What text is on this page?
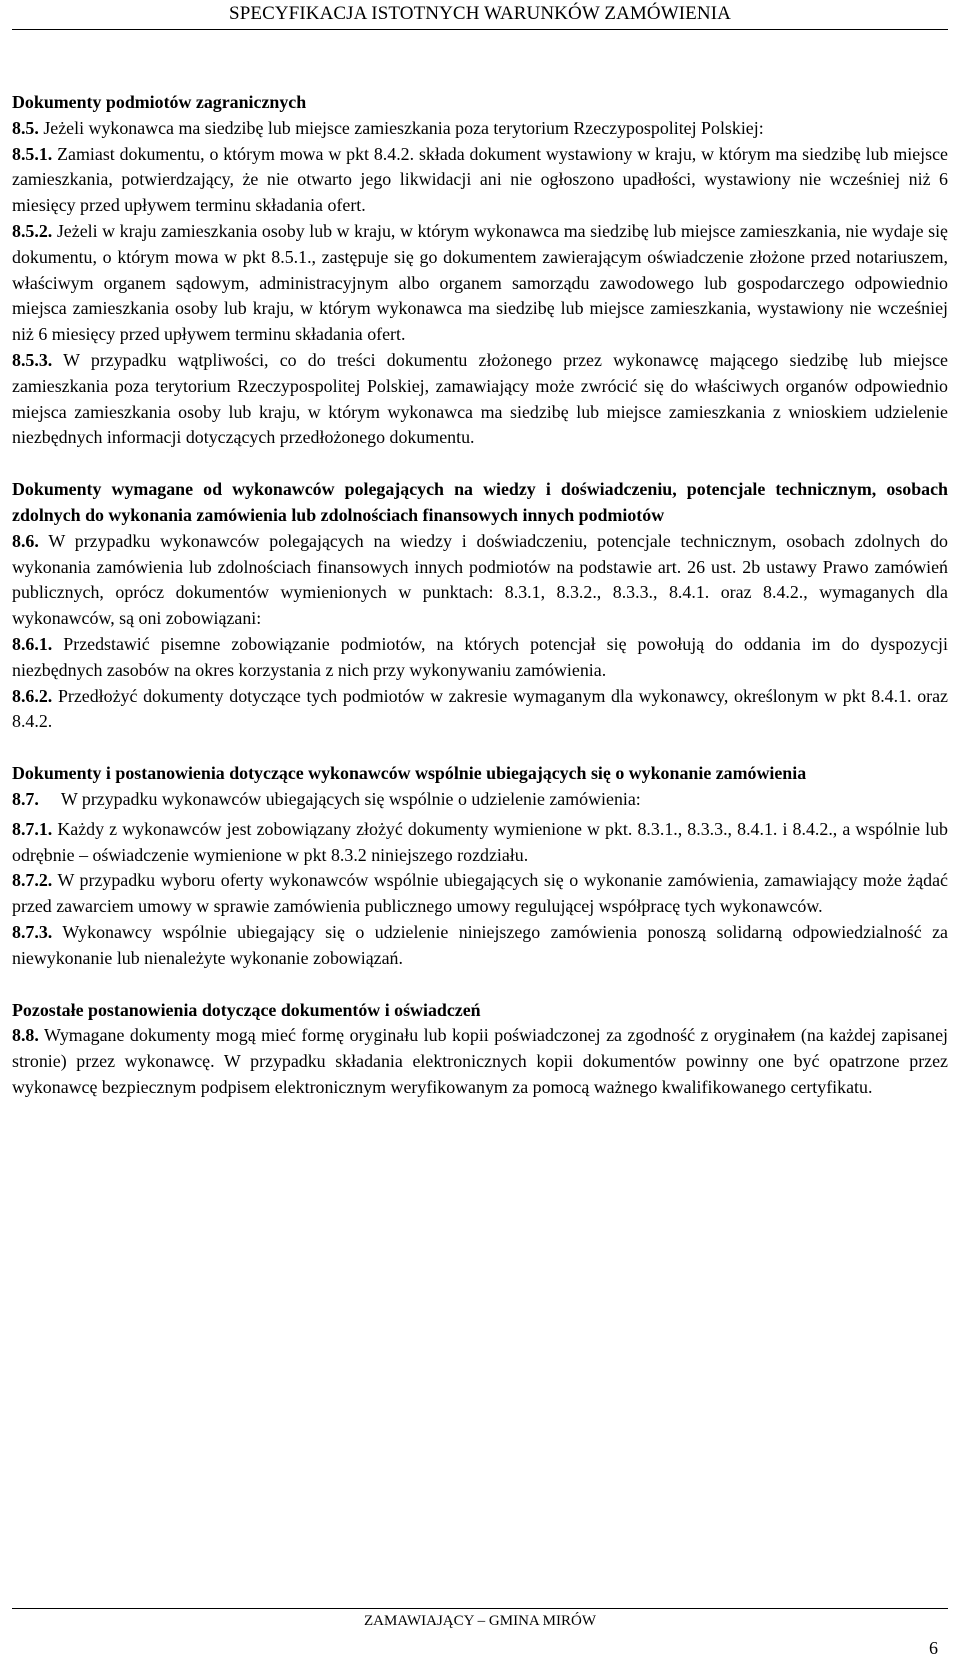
SPECYFIKACJA ISTOTNYCH WARUNKÓW ZAMÓWIENIA

Dokumenty podmiotów zagranicznych

8.5. Jeżeli wykonawca ma siedzibę lub miejsce zamieszkania poza terytorium Rzeczypospolitej Polskiej:

8.5.1. Zamiast dokumentu, o którym mowa w pkt 8.4.2. składa dokument wystawiony w kraju, w którym ma siedzibę lub miejsce zamieszkania, potwierdzający, że nie otwarto jego likwidacji ani nie ogłoszono upadłości, wystawiony nie wcześniej niż 6 miesięcy przed upływem terminu składania ofert.

8.5.2. Jeżeli w kraju zamieszkania osoby lub w kraju, w którym wykonawca ma siedzibę lub miejsce zamieszkania, nie wydaje się dokumentu, o którym mowa w pkt 8.5.1., zastępuje się go dokumentem zawierającym oświadczenie złożone przed notariuszem, właściwym organem sądowym, administracyjnym albo organem samorządu zawodowego lub gospodarczego odpowiednio miejsca zamieszkania osoby lub kraju, w którym wykonawca ma siedzibę lub miejsce zamieszkania, wystawiony nie wcześniej niż 6 miesięcy przed upływem terminu składania ofert.

8.5.3. W przypadku wątpliwości, co do treści dokumentu złożonego przez wykonawcę mającego siedzibę lub miejsce zamieszkania poza terytorium Rzeczypospolitej Polskiej, zamawiający może zwrócić się do właściwych organów odpowiednio miejsca zamieszkania osoby lub kraju, w którym wykonawca ma siedzibę lub miejsce zamieszkania z wnioskiem udzielenie niezbędnych informacji dotyczących przedłożonego dokumentu.

Dokumenty wymagane od wykonawców polegających na wiedzy i doświadczeniu, potencjale technicznym, osobach zdolnych do wykonania zamówienia lub zdolnościach finansowych innych podmiotów

8.6. W przypadku wykonawców polegających na wiedzy i doświadczeniu, potencjale technicznym, osobach zdolnych do wykonania zamówienia lub zdolnościach finansowych innych podmiotów na podstawie art. 26 ust. 2b ustawy Prawo zamówień publicznych, oprócz dokumentów wymienionych w punktach: 8.3.1, 8.3.2., 8.3.3., 8.4.1. oraz 8.4.2., wymaganych dla wykonawców, są oni zobowiązani:

8.6.1. Przedstawić pisemne zobowiązanie podmiotów, na których potencjał się powołują do oddania im do dyspozycji niezbędnych zasobów na okres korzystania z nich przy wykonywaniu zamówienia.

8.6.2. Przedłożyć dokumenty dotyczące tych podmiotów w zakresie wymaganym dla wykonawcy, określonym w pkt 8.4.1. oraz 8.4.2.

Dokumenty i postanowienia dotyczące wykonawców wspólnie ubiegających się o wykonanie zamówienia

8.7. W przypadku wykonawców ubiegających się wspólnie o udzielenie zamówienia:

8.7.1. Każdy z wykonawców jest zobowiązany złożyć dokumenty wymienione w pkt. 8.3.1., 8.3.3., 8.4.1. i 8.4.2., a wspólnie lub odrębnie – oświadczenie wymienione w pkt 8.3.2 niniejszego rozdziału.

8.7.2. W przypadku wyboru oferty wykonawców wspólnie ubiegających się o wykonanie zamówienia, zamawiający może żądać przed zawarciem umowy w sprawie zamówienia publicznego umowy regulującej współpracę tych wykonawców.

8.7.3. Wykonawcy wspólnie ubiegający się o udzielenie niniejszego zamówienia ponoszą solidarną odpowiedzialność za niewykonanie lub nienależyte wykonanie zobowiązań.

Pozostałe postanowienia dotyczące dokumentów i oświadczeń

8.8. Wymagane dokumenty mogą mieć formę oryginału lub kopii poświadczonej za zgodność z oryginałem (na każdej zapisanej stronie) przez wykonawcę. W przypadku składania elektronicznych kopii dokumentów powinny one być opatrzone przez wykonawcę bezpiecznym podpisem elektronicznym weryfikowanym za pomocą ważnego kwalifikowanego certyfikatu.

ZAMAWIAJĄCY – GMINA MIRÓW
6
